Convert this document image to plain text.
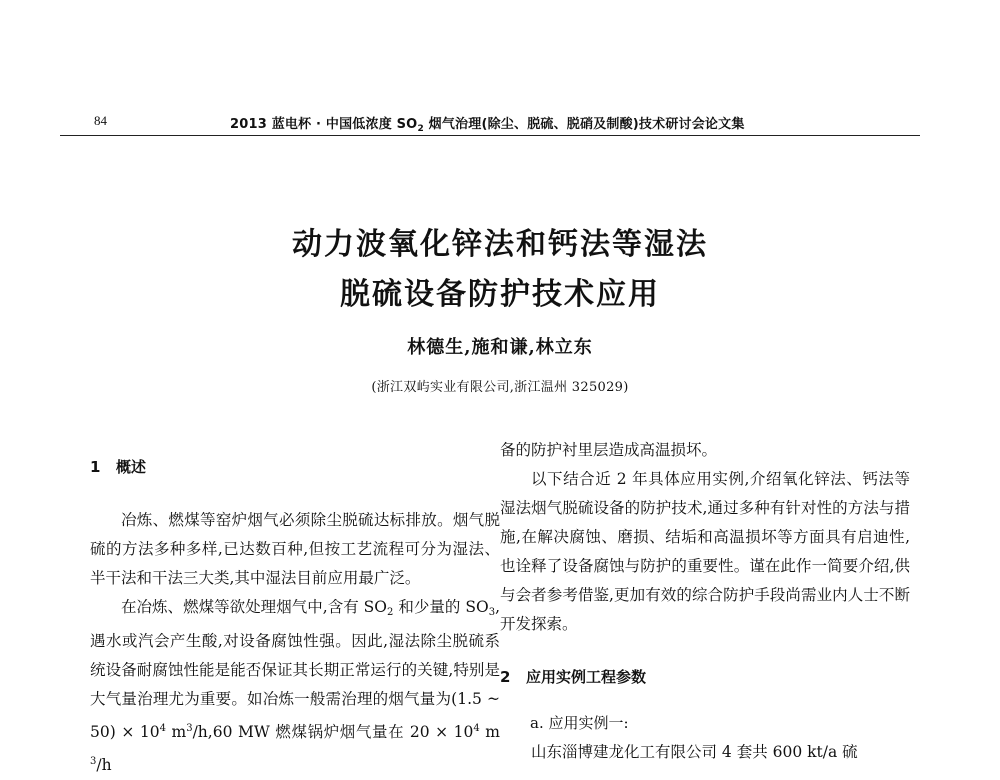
84	2013 蓝电杯 · 中国低浓度 $SO_2$ 烟气治理(除尘、脱硫、脱硝及制酸)技术研讨会论文集
动力波氧化锌法和钙法等湿法
脱硫设备防护技术应用
林德生,施和谦,林立东
(浙江双屿实业有限公司,浙江温州 325029)
1 概述

冶炼、燃煤等窑炉烟气必须除尘脱硫达标排放。烟气脱硫的方法多种多样,已达数百种,但按工艺流程可分为湿法、半干法和干法三大类,其中湿法目前应用最广泛。

在冶炼、燃煤等欲处理烟气中,含有 $SO_2$ 和少量的 $SO_3$,遇水或汽会产生酸,对设备腐蚀性强。因此,湿法除尘脱硫系统设备耐腐蚀性能是能否保证其长期正常运行的关键,特别是大气量治理尤为重要。如冶炼一般需治理的烟气量为(1.5 ~ $50) \times 10^4$ $m^3/h,60$ MW 燃煤锅炉烟气量在 $20 \times 10^4$ $m^3/h$

备的防护衬里层造成高温损坏。

以下结合近 2 年具体应用实例,介绍氧化锌法、钙法等湿法烟气脱硫设备的防护技术,通过多种有针对性的方法与措施,在解决腐蚀、磨损、结垢和高温损坏等方面具有启迪性,也诠释了设备腐蚀与防护的重要性。谨在此作一简要介绍,供与会者参考借鉴,更加有效的综合防护手段尚需业内人士不断开发探索。

2 应用实例工程参数

a. 应用实例一:

山东淄博建龙化工有限公司 4 套共 600 kt/a 硫
